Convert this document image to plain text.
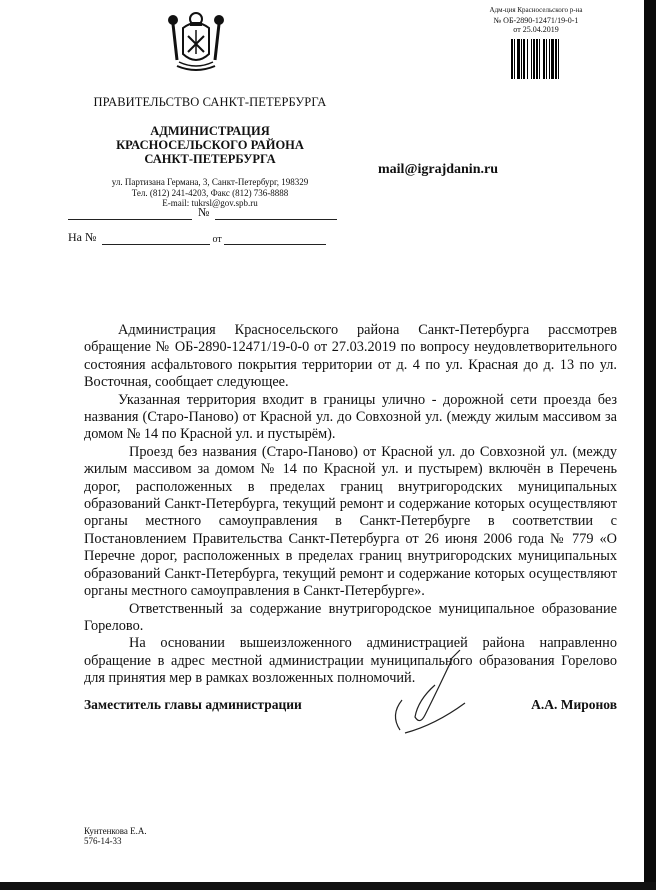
ПРАВИТЕЛЬСТВО САНКТ-ПЕТЕРБУРГА
АДМИНИСТРАЦИЯ
КРАСНОСЕЛЬСКОГО РАЙОНА
САНКТ-ПЕТЕРБУРГА
ул. Партизана Германа, 3, Санкт-Петербург, 198329
Тел. (812) 241-4203, Факс (812) 736-8888
E-mail: tukrsl@gov.spb.ru
№
На №	от
mail@igrajdanin.ru
Адм-ция Красносельского р-на
№ ОБ-2890-12471/19-0-1
от 25.04.2019

Администрация Красносельского района Санкт-Петербурга рассмотрев обращение № ОБ-2890-12471/19-0-0 от 27.03.2019 по вопросу неудовлетворительного состояния асфальтового покрытия территории от д. 4 по ул. Красная до д. 13 по ул. Восточная, сообщает следующее.

Указанная территория входит в границы улично - дорожной сети проезда без названия (Старо-Паново) от Красной ул. до Совхозной ул. (между жилым массивом за домом № 14 по Красной ул. и пустырём).

Проезд без названия (Старо-Паново) от Красной ул. до Совхозной ул. (между жилым массивом за домом № 14 по Красной ул. и пустырем) включён в Перечень дорог, расположенных в пределах границ внутригородских муниципальных образований Санкт-Петербурга, текущий ремонт и содержание которых осуществляют органы местного самоуправления в Санкт-Петербурге в соответствии с Постановлением Правительства Санкт-Петербурга от 26 июня 2006 года № 779 «О Перечне дорог, расположенных в пределах границ внутригородских муниципальных образований Санкт-Петербурга, текущий ремонт и содержание которых осуществляют органы местного самоуправления в Санкт-Петербурге».

Ответственный за содержание внутригородское муниципальное образование Горелово.

На основании вышеизложенного администрацией района направленно обращение в адрес местной администрации муниципального образования Горелово для принятия мер в рамках возложенных полномочий.

Заместитель главы администрации	А.А. Миронов
Кунтенкова Е.А.
576-14-33
